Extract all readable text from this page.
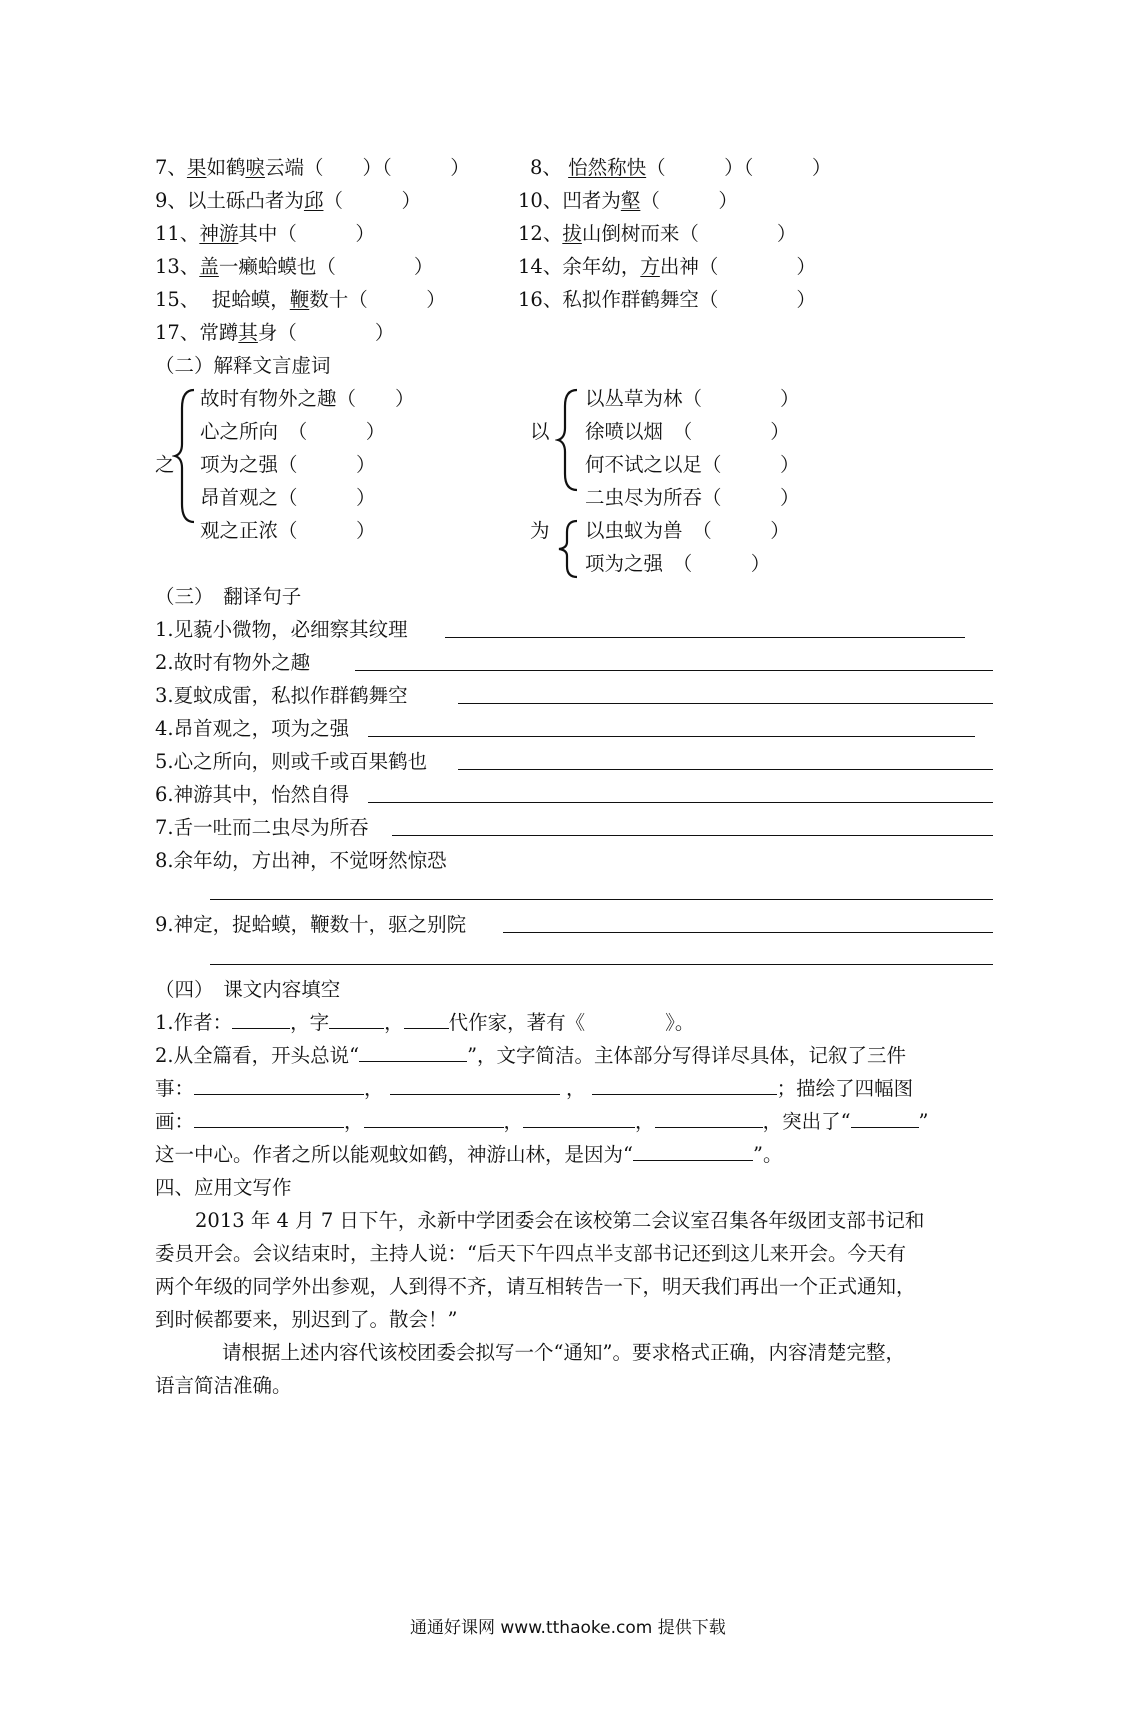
7、果如鹤唳云端（　　）（　　　）	8、 怡然称快（　　　）（　　　）
9、以土砾凸者为邱（　　　）	10、凹者为壑（　　　）
11、神游其中（　　　）	12、拔山倒树而来（　　　　）
13、盖一癞蛤蟆也（　　　　）	14、余年幼，方出神（　　　　）
15、 捉蛤蟆，鞭数十（　　　）	16、私拟作群鹤舞空（　　　　）
17、常蹲其身（　　　　）
（二）解释文言虚词
之
故时有物外之趣（　　）
心之所向　（　　　）
项为之强（　　　）
昂首观之（　　　）
观之正浓（　　　）
以
以丛草为林（　　　　）
徐喷以烟　（　　　　）
何不试之以足（　　　）
二虫尽为所吞（　　　）
为 以虫蚁为兽　（　　　）
项为之强　（　　　）
（三）　翻译句子
1.见藐小微物，必细察其纹理
2.故时有物外之趣
3.夏蚊成雷，私拟作群鹤舞空
4.昂首观之，项为之强
5.心之所向，则或千或百果鹤也
6.神游其中，怡然自得
7.舌一吐而二虫尽为所吞
8.余年幼，方出神，不觉呀然惊恐
9.神定，捉蛤蟆，鞭数十，驱之别院
（四）　课文内容填空
1.作者：	，字	， 代作家，著有《	》。
2.从全篇看，开头总说“	”，文字简洁。主体部分写得详尽具体，记叙了三件
事：	，	，	；描绘了四幅图
画：	，	，	，	，突出了“	”
这一中心。作者之所以能观蚊如鹤，神游山林，是因为“	”。
四、应用文写作
2013 年 4 月 7 日下午，永新中学团委会在该校第二会议室召集各年级团支部书记和
委员开会。会议结束时，主持人说：“后天下午四点半支部书记还到这儿来开会。今天有
两个年级的同学外出参观，人到得不齐，请互相转告一下，明天我们再出一个正式通知，
到时候都要来，别迟到了。散会！”
请根据上述内容代该校团委会拟写一个“通知”。要求格式正确，内容清楚完整，
语言简洁准确。
通通好课网 www.tthaoke.com 提供下载
